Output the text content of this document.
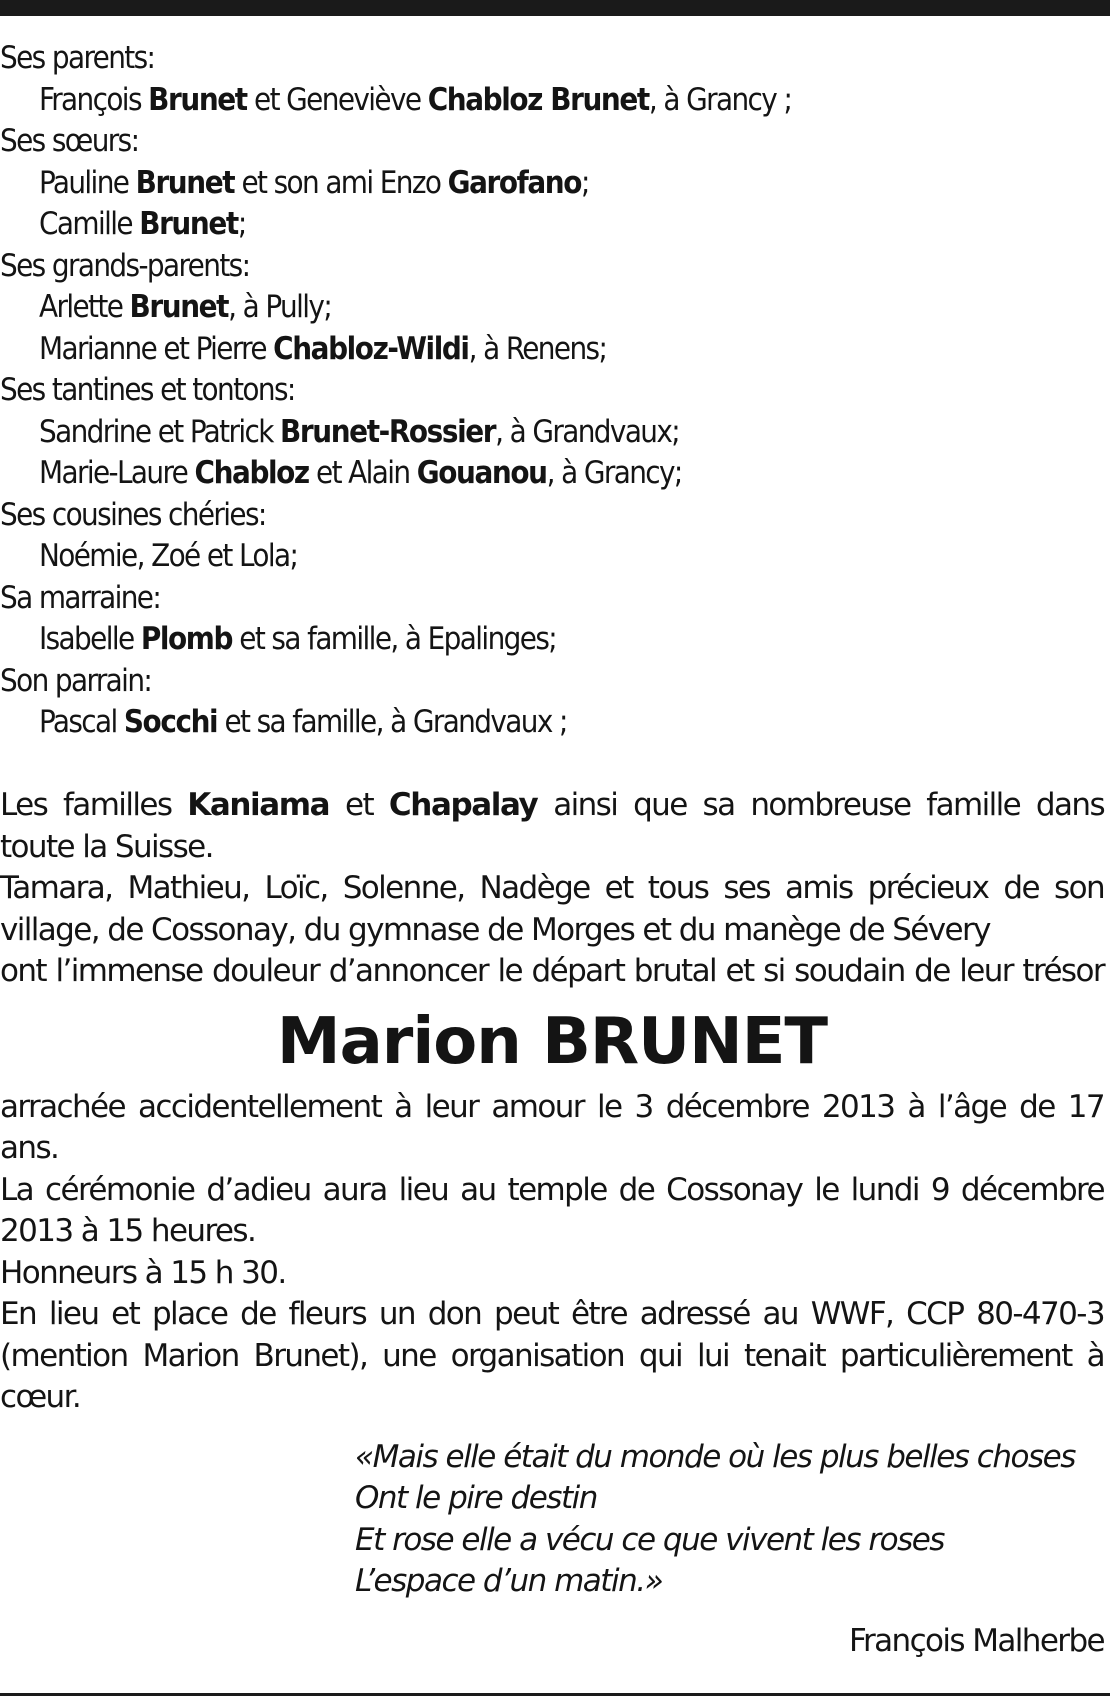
Ses parents:
François Brunet et Geneviève Chabloz Brunet, à Grancy ;
Ses sœurs:
Pauline Brunet et son ami Enzo Garofano;
Camille Brunet;
Ses grands-parents:
Arlette Brunet, à Pully;
Marianne et Pierre Chabloz-Wildi, à Renens;
Ses tantines et tontons:
Sandrine et Patrick Brunet-Rossier, à Grandvaux;
Marie-Laure Chabloz et Alain Gouanou, à Grancy;
Ses cousines chéries:
Noémie, Zoé et Lola;
Sa marraine:
Isabelle Plomb et sa famille, à Epalinges;
Son parrain:
Pascal Socchi et sa famille, à Grandvaux ;

Les familles Kaniama et Chapalay ainsi que sa nombreuse famille dans toute la Suisse.

Tamara, Mathieu, Loïc, Solenne, Nadège et tous ses amis précieux de son village, de Cossonay, du gymnase de Morges et du manège de Sévery

ont l’immense douleur d’annoncer le départ brutal et si soudain de leur trésor

Marion BRUNET

arrachée accidentellement à leur amour le 3 décembre 2013 à l’âge de 17 ans.

La cérémonie d’adieu aura lieu au temple de Cossonay le lundi 9 décembre 2013 à 15 heures.

Honneurs à 15 h 30.

En lieu et place de fleurs un don peut être adressé au WWF, CCP 80-470-3 (mention Marion Brunet), une organisation qui lui tenait particulièrement à cœur.

«Mais elle était du monde où les plus belles choses
Ont le pire destin
Et rose elle a vécu ce que vivent les roses
L’espace d’un matin.»
François Malherbe
